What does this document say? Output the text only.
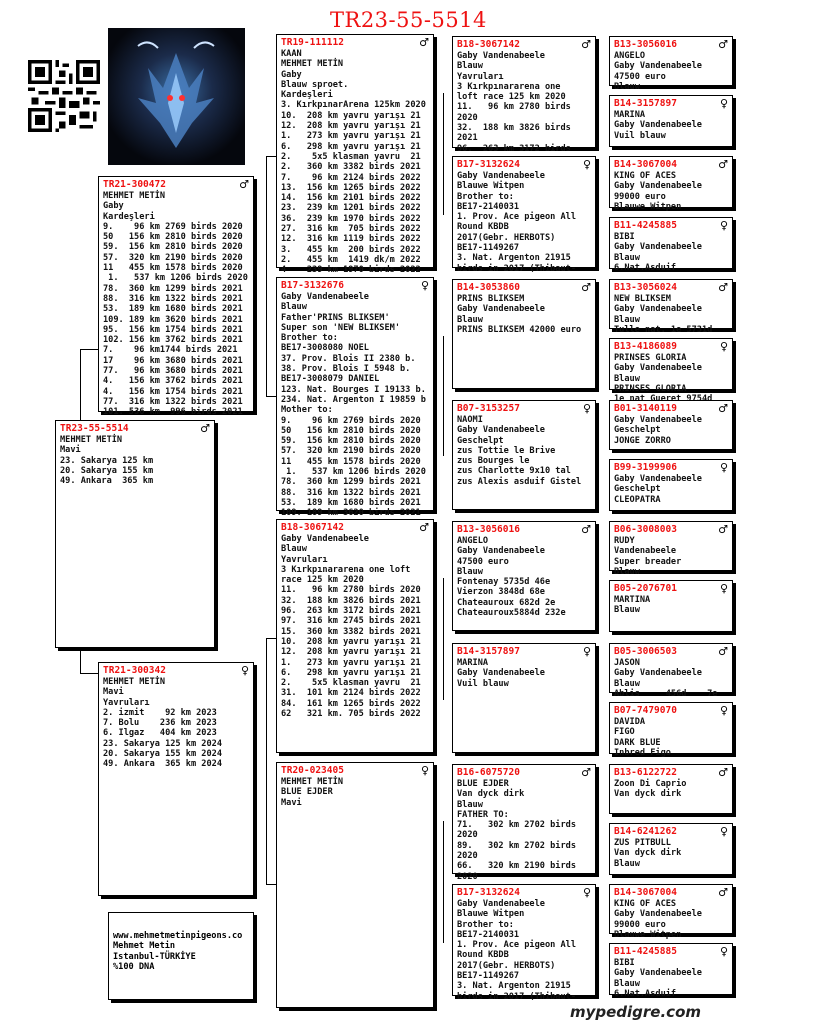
TR23-55-5514
TR23-55-5514	♂
MEHMET METİN
Mavi
23. Sakarya 125 km
20. Sakarya 155 km
49. Ankara  365 km
TR21-300472	♂
MEHMET METİN
Gaby
Kardeşleri
9.    96 km 2769 birds 2020
50   156 km 2810 birds 2020
59.  156 km 2810 birds 2020
57.  320 km 2190 birds 2020
11   455 km 1578 birds 2020
1.   537 km 1206 birds 2020
78.  360 km 1299 birds 2021
88.  316 km 1322 birds 2021
53.  189 km 1680 birds 2021
109. 189 km 3620 birds 2021
95.  156 km 1754 birds 2021
102. 156 km 3762 birds 2021
7.    96 km1744 birds 2021
17    96 km 3680 birds 2021
77.   96 km 3680 birds 2021
4.   156 km 3762 birds 2021
4.   156 km 1754 birds 2021
77.  316 km 1322 birds 2021
101. 536 km  996 birds 2021
TR21-300342	♀
MEHMET METİN
Mavi
Yavruları
2. izmit    92 km 2023
7. Bolu    236 km 2023
6. Ilgaz   404 km 2023
23. Sakarya 125 km 2024
20. Sakarya 155 km 2024
49. Ankara  365 km 2024
TR19-111112	♂
KAAN
MEHMET METİN
Gaby
Blauw sproet.
Kardeşleri
3. KırkpınarArena 125km 2020
10.  208 km yavru yarışı 21
12.  208 km yavru yarışı 21
1.   273 km yavru yarışı 21
6.   298 km yavru yarışı 21
2.    5x5 klasman yavru  21
2.   360 km 3382 birds 2021
7.    96 km 2124 birds 2022
13.  156 km 1265 birds 2022
14.  156 km 2101 birds 2022
23.  239 km 1201 birds 2022
36.  239 km 1970 birds 2022
27.  316 km  705 birds 2022
12.  316 km 1119 birds 2022
3.   455 km  200 birds 2022
2.   455 km  1419 dk/m 2022
4    239 km 1970 birds 2022
B17-3132676	♀
Gaby Vandenabeele
Blauw
Father'PRINS BLIKSEM'
Super son 'NEW BLIKSEM'
Brother to:
BE17-3008080 NOEL
37. Prov. Blois II 2380 b.
38. Prov. Blois I 5948 b.
BE17-3008079 DANIEL
123. Nat. Bourges I 19133 b.
234. Nat. Argenton I 19859 b
Mother to:
9.    96 km 2769 birds 2020
50   156 km 2810 birds 2020
59.  156 km 2810 birds 2020
57.  320 km 2190 birds 2020
11   455 km 1578 birds 2020
1.   537 km 1206 birds 2020
78.  360 km 1299 birds 2021
88.  316 km 1322 birds 2021
53.  189 km 1680 birds 2021
109. 189 km 3620 birds 2021
B18-3067142	♂
Gaby Vandenabeele
Blauw
Yavruları
3 Kırkpınararena one loft
race 125 km 2020
11.   96 km 2780 birds 2020
32.  188 km 3826 birds 2021
96.  263 km 3172 birds 2021
97.  316 km 2745 birds 2021
15.  360 km 3382 birds 2021
10.  208 km yavru yarışı 21
12.  208 km yavru yarışı 21
1.   273 km yavru yarışı 21
6.   298 km yavru yarışı 21
2.    5x5 klasman yavru  21
31.  101 km 2124 birds 2022
84.  161 km 1265 birds 2022
62   321 km. 705 birds 2022
TR20-023405	♀
MEHMET METİN
BLUE EJDER
Mavi
B18-3067142	♂
Gaby Vandenabeele
Blauw
Yavruları
3 Kırkpınararena one
loft race 125 km 2020
11.   96 km 2780 birds
2020
32.  188 km 3826 birds
2021
96.  263 km 3172 birds
B17-3132624	♀
Gaby Vandenabeele
Blauwe Witpen
Brother to:
BE17-2140031
1. Prov. Ace pigeon All
Round KBDB
2017(Gebr. HERBOTS)
BE17-1149267
3. Nat. Argenton 21915
birds in 2017 (Thibaut-
B14-3053860	♂
PRINS BLIKSEM
Gaby Vandenabeele
Blauw
PRINS BLIKSEM 42000 euro
B07-3153257	♀
NAOMI
Gaby Vandenabeele
Geschelpt
zus Tottie le Brive
zus Bourges le
zus Charlotte 9x10 tal
zus Alexis asduif Gistel
B13-3056016	♂
ANGELO
Gaby Vandenabeele
47500 euro
Blauw
Fontenay 5735d 46e
Vierzon 3848d 68e
Chateauroux 682d 2e
Chateauroux5884d 232e
B14-3157897	♀
MARINA
Gaby Vandenabeele
Vuil blauw
B16-6075720	♂
BLUE EJDER
Van dyck dirk
Blauw
FATHER TO:
71.   302 km 2702 birds
2020
89.   302 km 2702 birds
2020
66.   320 km 2190 birds
2020
B17-3132624	♀
Gaby Vandenabeele
Blauwe Witpen
Brother to:
BE17-2140031
1. Prov. Ace pigeon All
Round KBDB
2017(Gebr. HERBOTS)
BE17-1149267
3. Nat. Argenton 21915
birds in 2017 (Thibaut-
B13-3056016	♂
ANGELO
Gaby Vandenabeele
47500 euro
Blauw
B14-3157897	♀
MARINA
Gaby Vandenabeele
Vuil blauw
B14-3067004	♂
KING OF ACES
Gaby Vandenabeele
99000 euro
Blauwe Witpen
B11-4245885	♀
BIBI
Gaby Vandenabeele
Blauw
6.Nat.Asduif
B13-3056024	♂
NEW BLIKSEM
Gaby Vandenabeele
Blauw
Tulle nat. 1e 5731d
B13-4186089	♀
PRINSES GLORIA
Gaby Vandenabeele
Blauw
PRINSES GLORIA

B01-3140119	♂
Gaby Vandenabeele
Geschelpt
JONGE ZORRO
B99-3199906	♀
Gaby Vandenabeele
Geschelpt
CLEOPATRA
B06-3008003	♂
RUDY
Vandenabeele
Super breader
Blauw
B05-2076701	♀
MARTINA
Blauw
B05-3006503	♂
JASON
Gaby Vandenabeele
Blauw
Ablis     456d    7e
B07-7479070	♀
DAVIDA
FIGO
DARK BLUE
Inbred Figo
B13-6122722	♂
Zoon Di Caprio
Van dyck dirk
B14-6241262	♀
ZUS PITBULL
Van dyck dirk
Blauw
B14-3067004	♂
KING OF ACES
Gaby Vandenabeele
99000 euro
Blauwe Witpen
B11-4245885	♀
BIBI
Gaby Vandenabeele
Blauw
6.Nat.Asduif
www.mehmetmetinpigeons.co
Mehmet Metin
Istanbul-TÜRKİYE
%100 DNA
mypedigre.com
